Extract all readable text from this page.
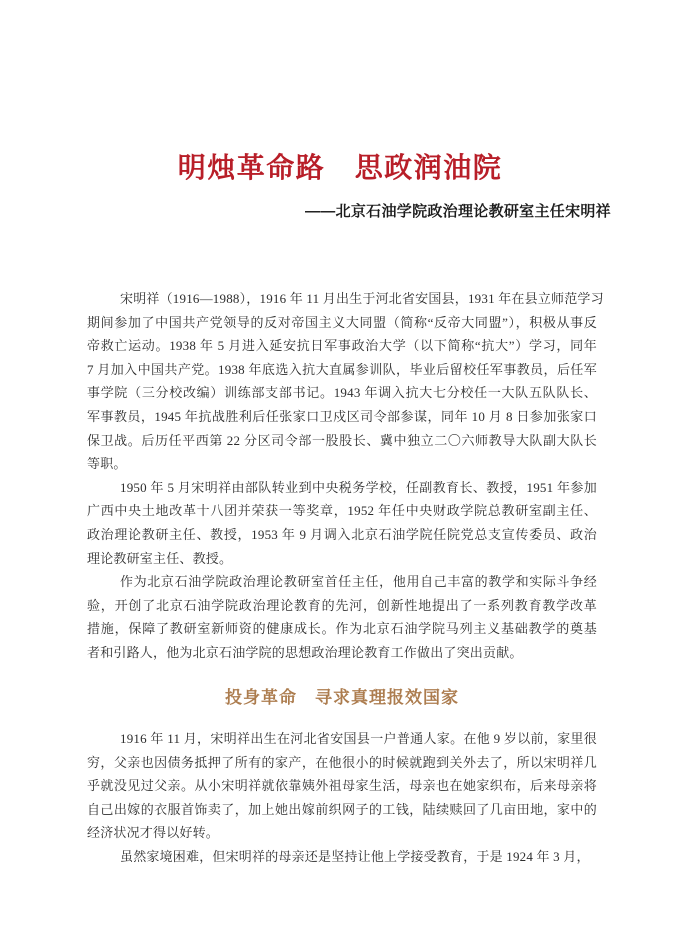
明烛革命路　思政润油院
——北京石油学院政治理论教研室主任宋明祥
宋明祥（1916—1988），1916 年 11 月出生于河北省安国县，1931 年在县立师范学习
期间参加了中国共产党领导的反对帝国主义大同盟（简称“反帝大同盟”），积极从事反
帝救亡运动。1938 年 5 月进入延安抗日军事政治大学（以下简称“抗大”）学习，同年
7 月加入中国共产党。1938 年底选入抗大直属参训队，毕业后留校任军事教员，后任军
事学院（三分校改编）训练部支部书记。1943 年调入抗大七分校任一大队五队队长、
军事教员，1945 年抗战胜利后任张家口卫戍区司令部参谋，同年 10 月 8 日参加张家口
保卫战。后历任平西第 22 分区司令部一股股长、冀中独立二〇六师教导大队副大队长
等职。
1950 年 5 月宋明祥由部队转业到中央税务学校，任副教育长、教授，1951 年参加
广西中央土地改革十八团并荣获一等奖章，1952 年任中央财政学院总教研室副主任、
政治理论教研主任、教授，1953 年 9 月调入北京石油学院任院党总支宣传委员、政治
理论教研室主任、教授。
作为北京石油学院政治理论教研室首任主任，他用自己丰富的教学和实际斗争经
验，开创了北京石油学院政治理论教育的先河，创新性地提出了一系列教育教学改革
措施，保障了教研室新师资的健康成长。作为北京石油学院马列主义基础教学的奠基
者和引路人，他为北京石油学院的思想政治理论教育工作做出了突出贡献。
投身革命　寻求真理报效国家
1916 年 11 月，宋明祥出生在河北省安国县一户普通人家。在他 9 岁以前，家里很
穷，父亲也因债务抵押了所有的家产，在他很小的时候就跑到关外去了，所以宋明祥几
乎就没见过父亲。从小宋明祥就依靠姨外祖母家生活，母亲也在她家织布，后来母亲将
自己出嫁的衣服首饰卖了，加上她出嫁前织网子的工钱，陆续赎回了几亩田地，家中的
经济状况才得以好转。
虽然家境困难，但宋明祥的母亲还是坚持让他上学接受教育，于是 1924 年 3 月，
